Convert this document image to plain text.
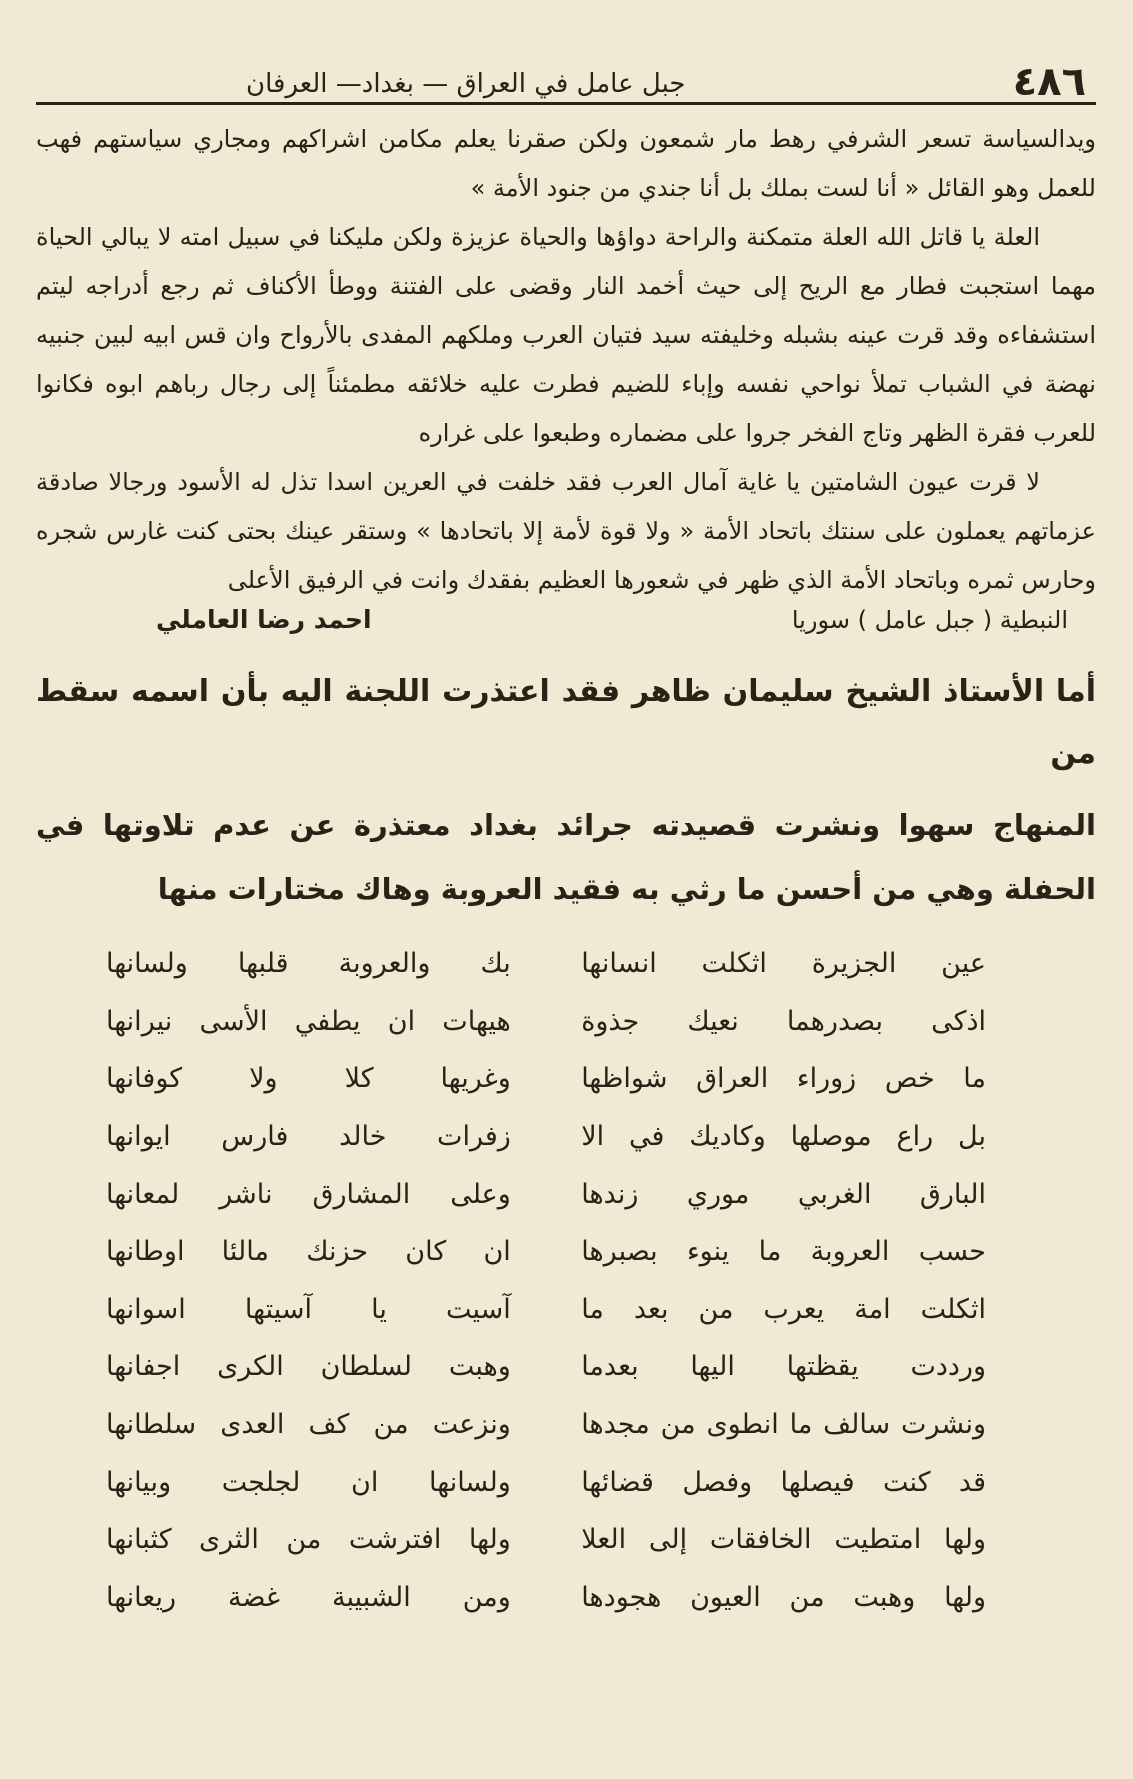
٤٨٦
جبل عامل في العراق — بغداد— العرفان

ويدالسياسة تسعر الشرفي رهط مار شمعون ولكن صقرنا يعلم مكامن اشراكهم ومجاري سياستهم فهب للعمل وهو القائل « أنا لست بملك بل أنا جندي من جنود الأمة »

العلة يا قاتل الله العلة متمكنة والراحة دواؤها والحياة عزيزة ولكن مليكنا في سبيل امته لا يبالي الحياة مهما استجبت فطار مع الريح إلى حيث أخمد النار وقضى على الفتنة ووطأ الأكناف ثم رجع أدراجه ليتم استشفاءه وقد قرت عينه بشبله وخليفته سيد فتيان العرب وملكهم المفدى بالأرواح وان قس ابيه لبين جنبيه نهضة في الشباب تملأ نواحي نفسه وإباء للضيم فطرت عليه خلائقه مطمئناً إلى رجال رباهم ابوه فكانوا للعرب فقرة الظهر وتاج الفخر جروا على مضماره وطبعوا على غراره

لا قرت عيون الشامتين يا غاية آمال العرب فقد خلفت في العرين اسدا تذل له الأسود ورجالا صادقة عزماتهم يعملون على سنتك باتحاد الأمة « ولا قوة لأمة إلا باتحادها » وستقر عينك بحتى كنت غارس شجره وحارس ثمره وباتحاد الأمة الذي ظهر في شعورها العظيم بفقدك وانت في الرفيق الأعلى

النبطية ( جبل عامل ) سوريا
احمد رضا العاملي

أما الأستاذ الشيخ سليمان ظاهر فقد اعتذرت اللجنة اليه بأن اسمه سقط من

المنهاج سهوا ونشرت قصيدته جرائد بغداد معتذرة عن عدم تلاوتها في الحفلة وهي من أحسن ما رثي به فقيد العروبة وهاك مختارات منها

عين الجزيرة اثكلت انسانها
بك والعروبة قلبها ولسانها
اذكى بصدرهما نعيك جذوة
هيهات ان يطفي الأسى نيرانها
ما خص زوراء العراق شواظها
وغريها كلا ولا كوفانها
بل راع موصلها وكاديك في الا
زفرات خالد فارس ايوانها
البارق الغربي موري زندها
وعلى المشارق ناشر لمعانها
حسب العروبة ما ينوء بصبرها
ان كان حزنك مالئا اوطانها
اثكلت امة يعرب من بعد ما
آسيت يا آسيتها اسوانها
ورددت يقظتها اليها بعدما
وهبت لسلطان الكرى اجفانها
ونشرت سالف ما انطوى من مجدها
ونزعت من كف العدى سلطانها
قد كنت فيصلها وفصل قضائها
ولسانها ان لجلجت وبيانها
ولها امتطيت الخافقات إلى العلا
ولها افترشت من الثرى كثبانها
ولها وهبت من العيون هجودها
ومن الشبيبة غضة ريعانها
